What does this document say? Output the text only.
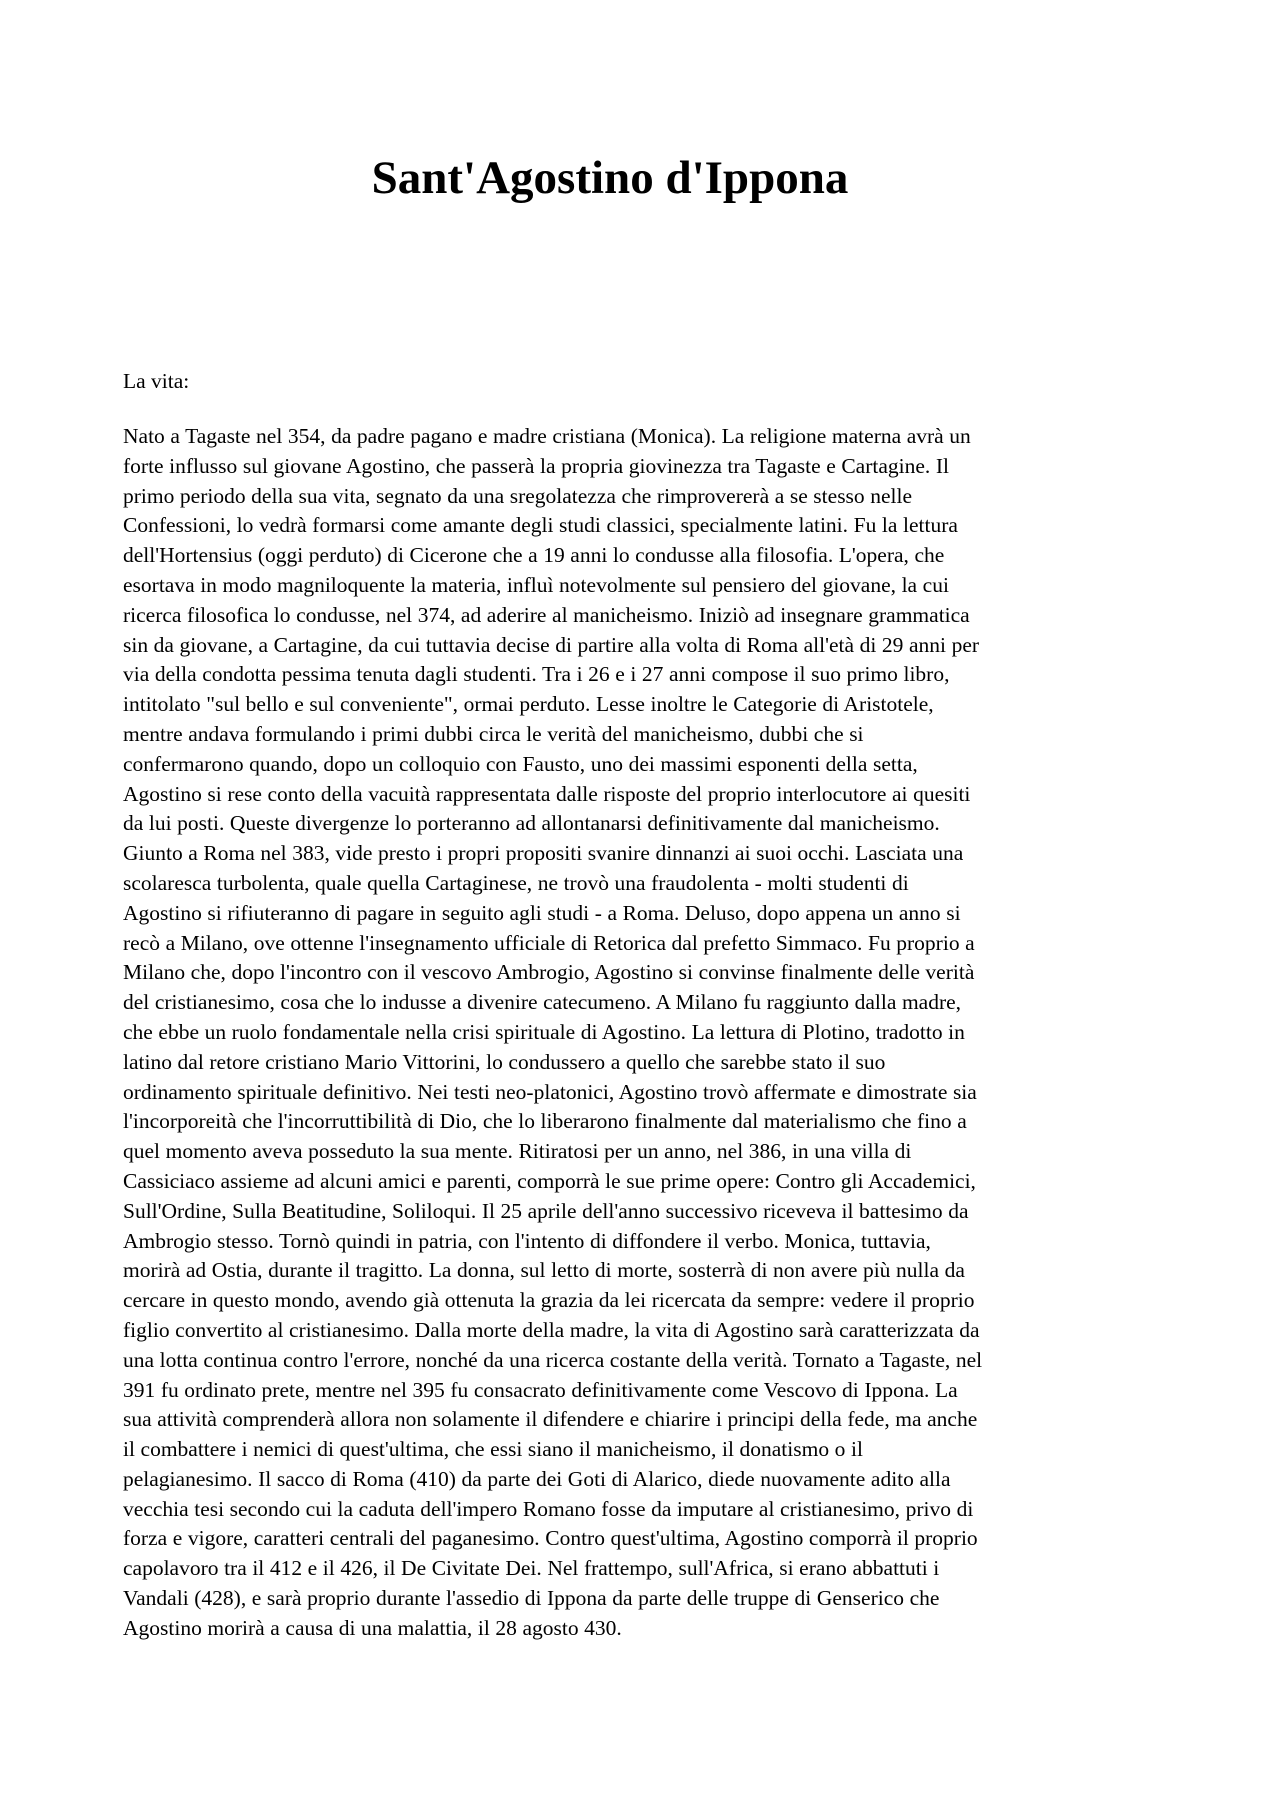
Sant'Agostino d'Ippona

La vita:

Nato a Tagaste nel 354, da padre pagano e madre cristiana (Monica). La religione materna avrà un
forte influsso sul giovane Agostino, che passerà la propria giovinezza tra Tagaste e Cartagine. Il
primo periodo della sua vita, segnato da una sregolatezza che rimprovererà a se stesso nelle
Confessioni, lo vedrà formarsi come amante degli studi classici, specialmente latini. Fu la lettura
dell'Hortensius (oggi perduto) di Cicerone che a 19 anni lo condusse alla filosofia. L'opera, che
esortava in modo magniloquente la materia, influì notevolmente sul pensiero del giovane, la cui
ricerca filosofica lo condusse, nel 374, ad aderire al manicheismo. Iniziò ad insegnare grammatica
sin da giovane, a Cartagine, da cui tuttavia decise di partire alla volta di Roma all'età di 29 anni per
via della condotta pessima tenuta dagli studenti. Tra i 26 e i 27 anni compose il suo primo libro,
intitolato "sul bello e sul conveniente", ormai perduto. Lesse inoltre le Categorie di Aristotele,
mentre andava formulando i primi dubbi circa le verità del manicheismo, dubbi che si
confermarono quando, dopo un colloquio con Fausto, uno dei massimi esponenti della setta,
Agostino si rese conto della vacuità rappresentata dalle risposte del proprio interlocutore ai quesiti
da lui posti. Queste divergenze lo porteranno ad allontanarsi definitivamente dal manicheismo.
Giunto a Roma nel 383, vide presto i propri propositi svanire dinnanzi ai suoi occhi. Lasciata una
scolaresca turbolenta, quale quella Cartaginese, ne trovò una fraudolenta - molti studenti di
Agostino si rifiuteranno di pagare in seguito agli studi - a Roma. Deluso, dopo appena un anno si
recò a Milano, ove ottenne l'insegnamento ufficiale di Retorica dal prefetto Simmaco. Fu proprio a
Milano che, dopo l'incontro con il vescovo Ambrogio, Agostino si convinse finalmente delle verità
del cristianesimo, cosa che lo indusse a divenire catecumeno. A Milano fu raggiunto dalla madre,
che ebbe un ruolo fondamentale nella crisi spirituale di Agostino. La lettura di Plotino, tradotto in
latino dal retore cristiano Mario Vittorini, lo condussero a quello che sarebbe stato il suo
ordinamento spirituale definitivo. Nei testi neo-platonici, Agostino trovò affermate e dimostrate sia
l'incorporeità che l'incorruttibilità di Dio, che lo liberarono finalmente dal materialismo che fino a
quel momento aveva posseduto la sua mente. Ritiratosi per un anno, nel 386, in una villa di
Cassiciaco assieme ad alcuni amici e parenti, comporrà le sue prime opere: Contro gli Accademici,
Sull'Ordine, Sulla Beatitudine, Soliloqui. Il 25 aprile dell'anno successivo riceveva il battesimo da
Ambrogio stesso. Tornò quindi in patria, con l'intento di diffondere il verbo. Monica, tuttavia,
morirà ad Ostia, durante il tragitto. La donna, sul letto di morte, sosterrà di non avere più nulla da
cercare in questo mondo, avendo già ottenuta la grazia da lei ricercata da sempre: vedere il proprio
figlio convertito al cristianesimo. Dalla morte della madre, la vita di Agostino sarà caratterizzata da
una lotta continua contro l'errore, nonché da una ricerca costante della verità. Tornato a Tagaste, nel
391 fu ordinato prete, mentre nel 395 fu consacrato definitivamente come Vescovo di Ippona. La
sua attività comprenderà allora non solamente il difendere e chiarire i principi della fede, ma anche
il combattere i nemici di quest'ultima, che essi siano il manicheismo, il donatismo o il
pelagianesimo. Il sacco di Roma (410) da parte dei Goti di Alarico, diede nuovamente adito alla
vecchia tesi secondo cui la caduta dell'impero Romano fosse da imputare al cristianesimo, privo di
forza e vigore, caratteri centrali del paganesimo. Contro quest'ultima, Agostino comporrà il proprio
capolavoro tra il 412 e il 426, il De Civitate Dei. Nel frattempo, sull'Africa, si erano abbattuti i
Vandali (428), e sarà proprio durante l'assedio di Ippona da parte delle truppe di Genserico che
Agostino morirà a causa di una malattia, il 28 agosto 430.
